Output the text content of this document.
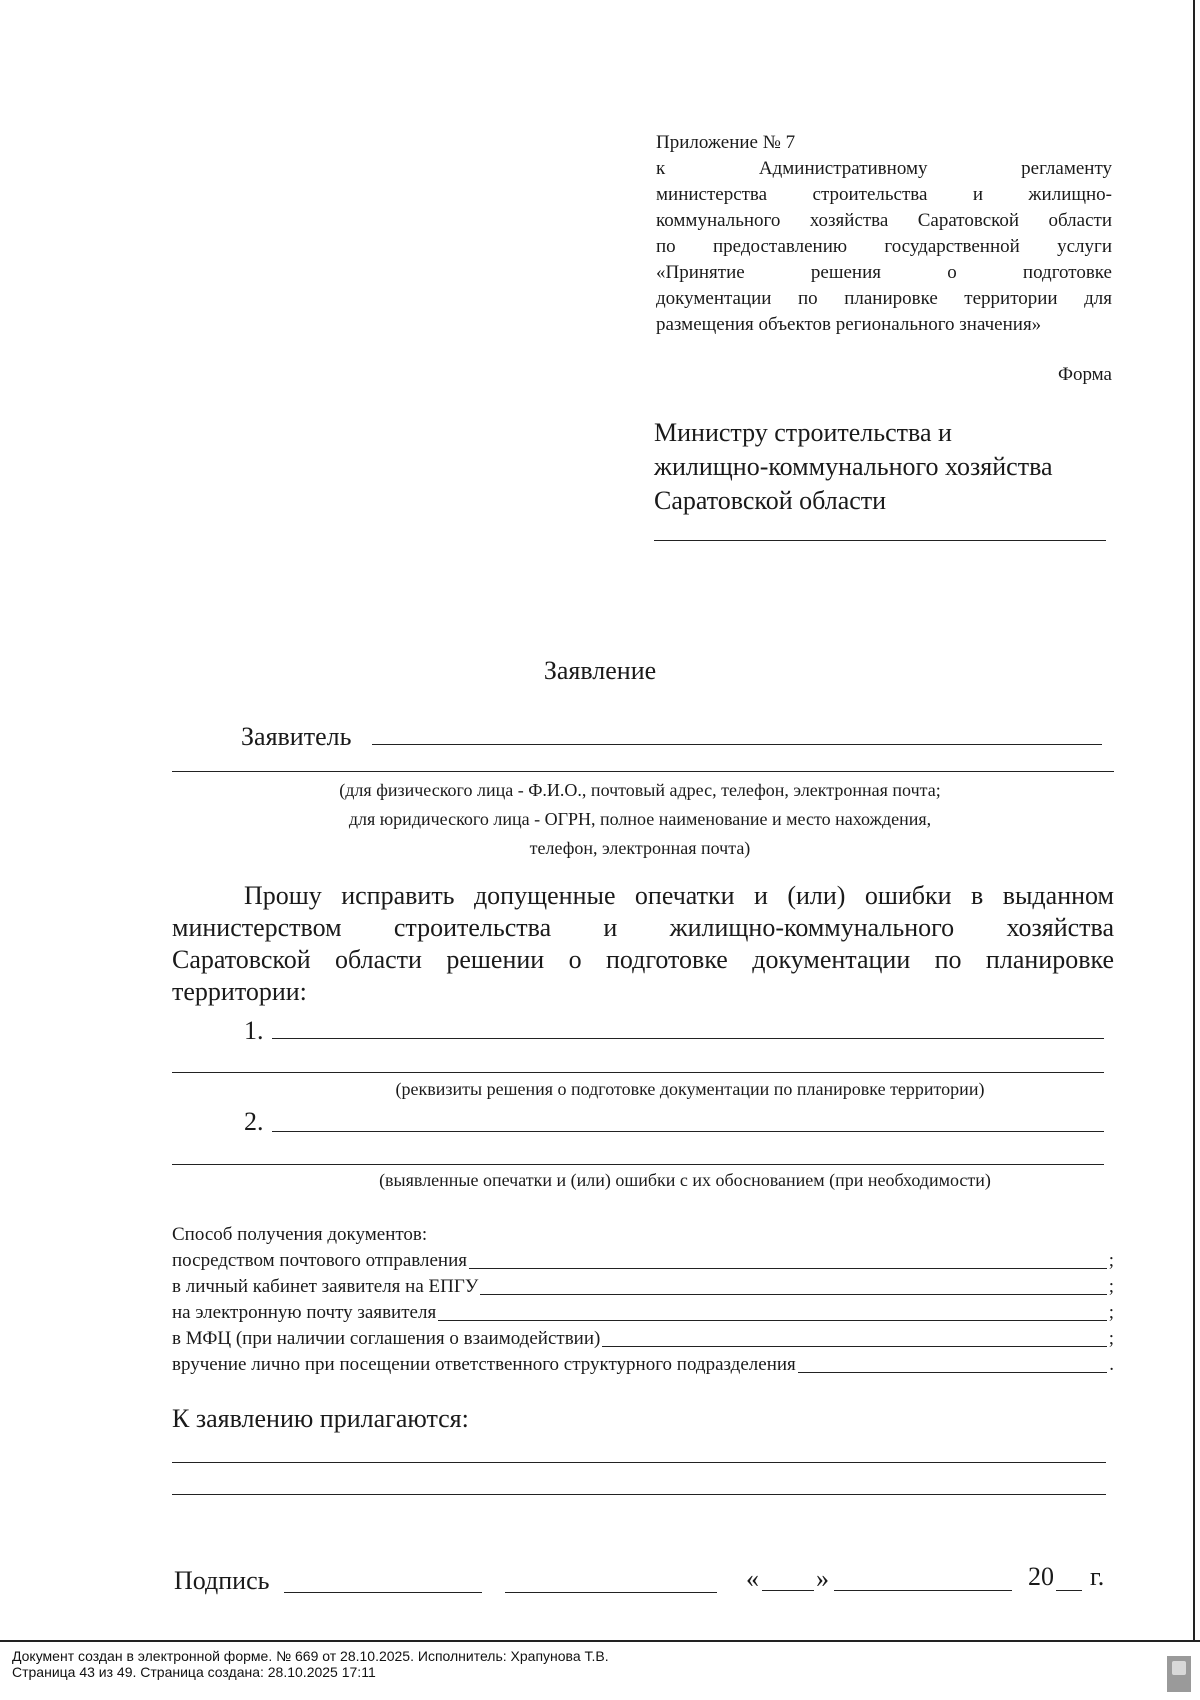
Приложение № 7
к Административному регламенту
министерства строительства и жилищно-
коммунального хозяйства Саратовской области
по предоставлению государственной услуги
«Принятие решения о подготовке
документации по планировке территории для
размещения объектов регионального значения»
Форма
Министру строительства и
жилищно-коммунального хозяйства
Саратовской области
Заявление
Заявитель
(для физического лица - Ф.И.О., почтовый адрес, телефон, электронная почта;
для юридического лица - ОГРН, полное наименование и место нахождения,
телефон, электронная почта)
Прошу исправить допущенные опечатки и (или) ошибки в выданном
министерством строительства и жилищно-коммунального хозяйства
Саратовской области решении о подготовке документации по планировке
территории:
1.
(реквизиты решения о подготовке документации по планировке территории)
2.
(выявленные опечатки и (или) ошибки с их обоснованием (при необходимости)
Способ получения документов:
посредством почтового отправления	;
в личный кабинет заявителя на ЕПГУ	;
на электронную почту заявителя	;
в МФЦ (при наличии соглашения о взаимодействии)	;
вручение лично при посещении ответственного структурного подразделения	.
К заявлению прилагаются:
Подпись	« »	20 г.
Документ создан в электронной форме. № 669 от 28.10.2025. Исполнитель: Храпунова Т.В.
Страница 43 из 49. Страница создана: 28.10.2025 17:11
